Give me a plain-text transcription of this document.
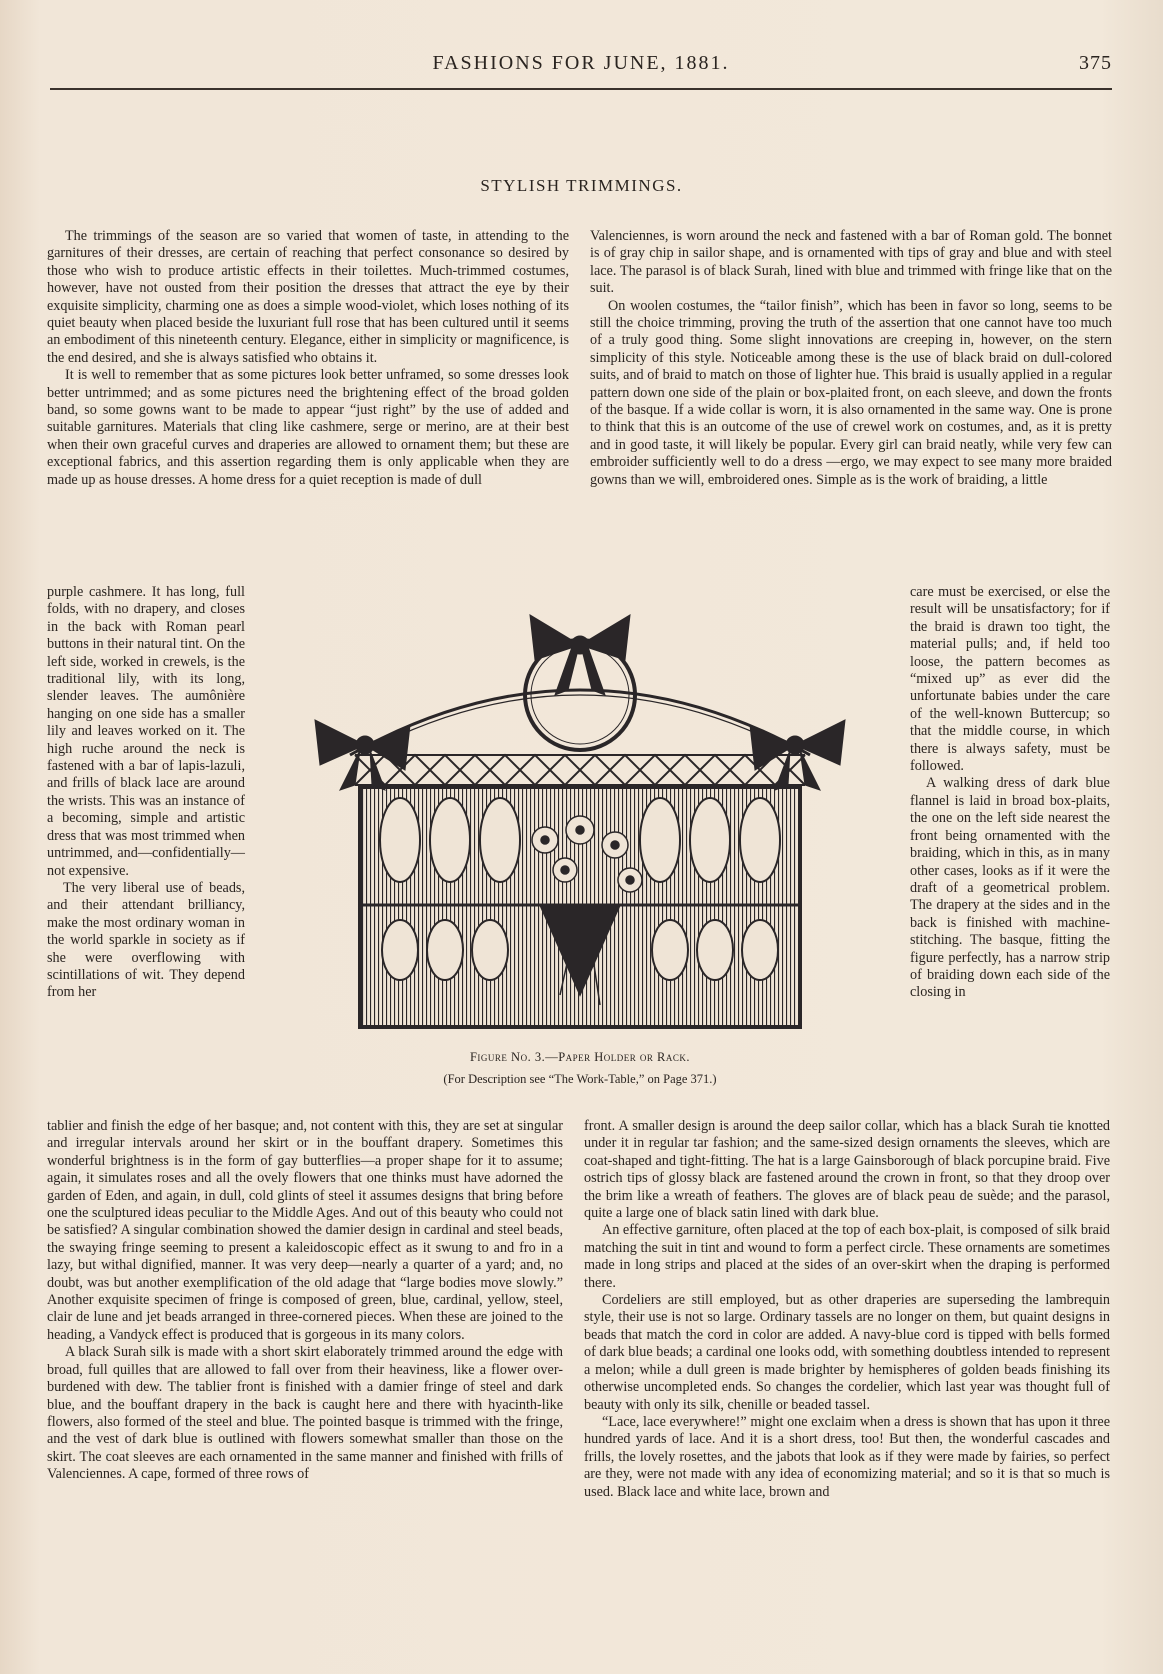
FASHIONS FOR JUNE, 1881.	375
STYLISH TRIMMINGS.

The trimmings of the season are so varied that women of taste, in attending to the garnitures of their dresses, are certain of reaching that perfect consonance so desired by those who wish to produce artistic effects in their toilettes. Much-trimmed costumes, however, have not ousted from their position the dresses that attract the eye by their exquisite simplicity, charming one as does a simple wood-violet, which loses nothing of its quiet beauty when placed beside the luxuriant full rose that has been cultured until it seems an embodiment of this nineteenth century. Elegance, either in simplicity or magnificence, is the end desired, and she is always satisfied who obtains it.

It is well to remember that as some pictures look better unframed, so some dresses look better untrimmed; and as some pictures need the brightening effect of the broad golden band, so some gowns want to be made to appear “just right” by the use of added and suitable garnitures. Materials that cling like cashmere, serge or merino, are at their best when their own graceful curves and draperies are allowed to ornament them; but these are exceptional fabrics, and this assertion regarding them is only applicable when they are made up as house dresses. A home dress for a quiet reception is made of dull

purple cashmere. It has long, full folds, with no drapery, and closes in the back with Roman pearl buttons in their natural tint. On the left side, worked in crewels, is the traditional lily, with its long, slender leaves. The aumônière hanging on one side has a smaller lily and leaves worked on it. The high ruche around the neck is fastened with a bar of lapis-lazuli, and frills of black lace are around the wrists. This was an instance of a becoming, simple and artistic dress that was most trimmed when untrimmed, and—confidentially—not expensive.

The very liberal use of beads, and their attendant brilliancy, make the most ordinary woman in the world sparkle in society as if she were overflowing with scintillations of wit. They depend from her

tablier and finish the edge of her basque; and, not content with this, they are set at singular and irregular intervals around her skirt or in the bouffant drapery. Sometimes this wonderful brightness is in the form of gay butterflies—a proper shape for it to assume; again, it simulates roses and all the ovely flowers that one thinks must have adorned the garden of Eden, and again, in dull, cold glints of steel it assumes designs that bring before one the sculptured ideas peculiar to the Middle Ages. And out of this beauty who could not be satisfied? A singular combination showed the damier design in cardinal and steel beads, the swaying fringe seeming to present a kaleidoscopic effect as it swung to and fro in a lazy, but withal dignified, manner. It was very deep—nearly a quarter of a yard; and, no doubt, was but another exemplification of the old adage that “large bodies move slowly.” Another exquisite specimen of fringe is composed of green, blue, cardinal, yellow, steel, clair de lune and jet beads arranged in three-cornered pieces. When these are joined to the heading, a Vandyck effect is produced that is gorgeous in its many colors.

A black Surah silk is made with a short skirt elaborately trimmed around the edge with broad, full quilles that are allowed to fall over from their heaviness, like a flower over-burdened with dew. The tablier front is finished with a damier fringe of steel and dark blue, and the bouffant drapery in the back is caught here and there with hyacinth-like flowers, also formed of the steel and blue. The pointed basque is trimmed with the fringe, and the vest of dark blue is outlined with flowers somewhat smaller than those on the skirt. The coat sleeves are each ornamented in the same manner and finished with frills of Valenciennes. A cape, formed of three rows of

Valenciennes, is worn around the neck and fastened with a bar of Roman gold. The bonnet is of gray chip in sailor shape, and is ornamented with tips of gray and blue and with steel lace. The parasol is of black Surah, lined with blue and trimmed with fringe like that on the suit.

On woolen costumes, the “tailor finish”, which has been in favor so long, seems to be still the choice trimming, proving the truth of the assertion that one cannot have too much of a truly good thing. Some slight innovations are creeping in, however, on the stern simplicity of this style. Noticeable among these is the use of black braid on dull-colored suits, and of braid to match on those of lighter hue. This braid is usually applied in a regular pattern down one side of the plain or box-plaited front, on each sleeve, and down the fronts of the basque. If a wide collar is worn, it is also ornamented in the same way. One is prone to think that this is an outcome of the use of crewel work on costumes, and, as it is pretty and in good taste, it will likely be popular. Every girl can braid neatly, while very few can embroider sufficiently well to do a dress —ergo, we may expect to see many more braided gowns than we will, embroidered ones. Simple as is the work of braiding, a little

care must be exercised, or else the result will be unsatisfactory; for if the braid is drawn too tight, the material pulls; and, if held too loose, the pattern becomes as “mixed up” as ever did the unfortunate babies under the care of the well-known Buttercup; so that the middle course, in which there is always safety, must be followed.

A walking dress of dark blue flannel is laid in broad box-plaits, the one on the left side nearest the front being ornamented with the braiding, which in this, as in many other cases, looks as if it were the draft of a geometrical problem. The drapery at the sides and in the back is finished with machine-stitching. The basque, fitting the figure perfectly, has a narrow strip of braiding down each side of the closing in

front. A smaller design is around the deep sailor collar, which has a black Surah tie knotted under it in regular tar fashion; and the same-sized design ornaments the sleeves, which are coat-shaped and tight-fitting. The hat is a large Gainsborough of black porcupine braid. Five ostrich tips of glossy black are fastened around the crown in front, so that they droop over the brim like a wreath of feathers. The gloves are of black peau de suède; and the parasol, quite a large one of black satin lined with dark blue.

An effective garniture, often placed at the top of each box-plait, is composed of silk braid matching the suit in tint and wound to form a perfect circle. These ornaments are sometimes made in long strips and placed at the sides of an over-skirt when the draping is performed there.

Cordeliers are still employed, but as other draperies are superseding the lambrequin style, their use is not so large. Ordinary tassels are no longer on them, but quaint designs in beads that match the cord in color are added. A navy-blue cord is tipped with bells formed of dark blue beads; a cardinal one looks odd, with something doubtless intended to represent a melon; while a dull green is made brighter by hemispheres of golden beads finishing its otherwise uncompleted ends. So changes the cordelier, which last year was thought full of beauty with only its silk, chenille or beaded tassel.

“Lace, lace everywhere!” might one exclaim when a dress is shown that has upon it three hundred yards of lace. And it is a short dress, too! But then, the wonderful cascades and frills, the lovely rosettes, and the jabots that look as if they were made by fairies, so perfect are they, were not made with any idea of economizing material; and so it is that so much is used. Black lace and white lace, brown and

Figure No. 3.—Paper Holder or Rack.
(For Description see “The Work-Table,” on Page 371.)
